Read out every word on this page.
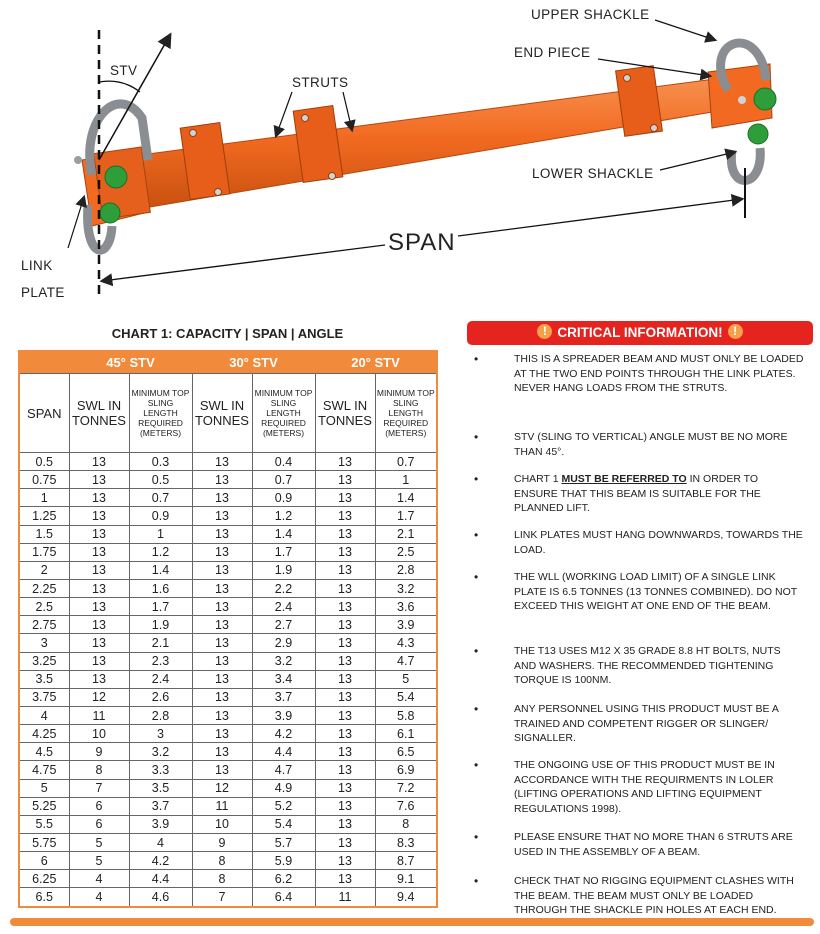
UPPER SHACKLE
END PIECE
STV
STRUTS
LOWER SHACKLE
SPAN
LINK
PLATE
CHART 1: CAPACITY | SPAN | ANGLE
	45° STV		30° STV		20° STV	
SPAN	SWL IN TONNES	MINIMUM TOP SLING LENGTH REQUIRED (METERS)	SWL IN TONNES	MINIMUM TOP SLING LENGTH REQUIRED (METERS)	SWL IN TONNES	MINIMUM TOP SLING LENGTH REQUIRED (METERS)
0.5	13	0.3	13	0.4	13	0.7
0.75	13	0.5	13	0.7	13	1
1	13	0.7	13	0.9	13	1.4
1.25	13	0.9	13	1.2	13	1.7
1.5	13	1	13	1.4	13	2.1
1.75	13	1.2	13	1.7	13	2.5
2	13	1.4	13	1.9	13	2.8
2.25	13	1.6	13	2.2	13	3.2
2.5	13	1.7	13	2.4	13	3.6
2.75	13	1.9	13	2.7	13	3.9
3	13	2.1	13	2.9	13	4.3
3.25	13	2.3	13	3.2	13	4.7
3.5	13	2.4	13	3.4	13	5
3.75	12	2.6	13	3.7	13	5.4
4	11	2.8	13	3.9	13	5.8
4.25	10	3	13	4.2	13	6.1
4.5	9	3.2	13	4.4	13	6.5
4.75	8	3.3	13	4.7	13	6.9
5	7	3.5	12	4.9	13	7.2
5.25	6	3.7	11	5.2	13	7.6
5.5	6	3.9	10	5.4	13	8
5.75	5	4	9	5.7	13	8.3
6	5	4.2	8	5.9	13	8.7
6.25	4	4.4	8	6.2	13	9.1
6.5	4	4.6	7	6.4	11	9.4
! CRITICAL INFORMATION! !
•	THIS IS A SPREADER BEAM AND MUST ONLY BE LOADED AT THE TWO END POINTS THROUGH THE LINK PLATES. NEVER HANG LOADS FROM THE STRUTS.
•	STV (SLING TO VERTICAL) ANGLE MUST BE NO MORE THAN 45°.
•	CHART 1 MUST BE REFERRED TO IN ORDER TO ENSURE THAT THIS BEAM IS SUITABLE FOR THE PLANNED LIFT.
•	LINK PLATES MUST HANG DOWNWARDS, TOWARDS THE LOAD.
•	THE WLL (WORKING LOAD LIMIT) OF A SINGLE LINK PLATE IS 6.5 TONNES (13 TONNES COMBINED). DO NOT EXCEED THIS WEIGHT AT ONE END OF THE BEAM.
•	THE T13 USES M12 X 35 GRADE 8.8 HT BOLTS, NUTS AND WASHERS. THE RECOMMENDED TIGHTENING TORQUE IS 100NM.
•	ANY PERSONNEL USING THIS PRODUCT MUST BE A TRAINED AND COMPETENT RIGGER OR SLINGER/ SIGNALLER.
•	THE ONGOING USE OF THIS PRODUCT MUST BE IN ACCORDANCE WITH THE REQUIRMENTS IN LOLER (LIFTING OPERATIONS AND LIFTING EQUIPMENT REGULATIONS 1998).
•	PLEASE ENSURE THAT NO MORE THAN 6 STRUTS ARE USED IN THE ASSEMBLY OF A BEAM.
•	CHECK THAT NO RIGGING EQUIPMENT CLASHES WITH THE BEAM. THE BEAM MUST ONLY BE LOADED THROUGH THE SHACKLE PIN HOLES AT EACH END.
